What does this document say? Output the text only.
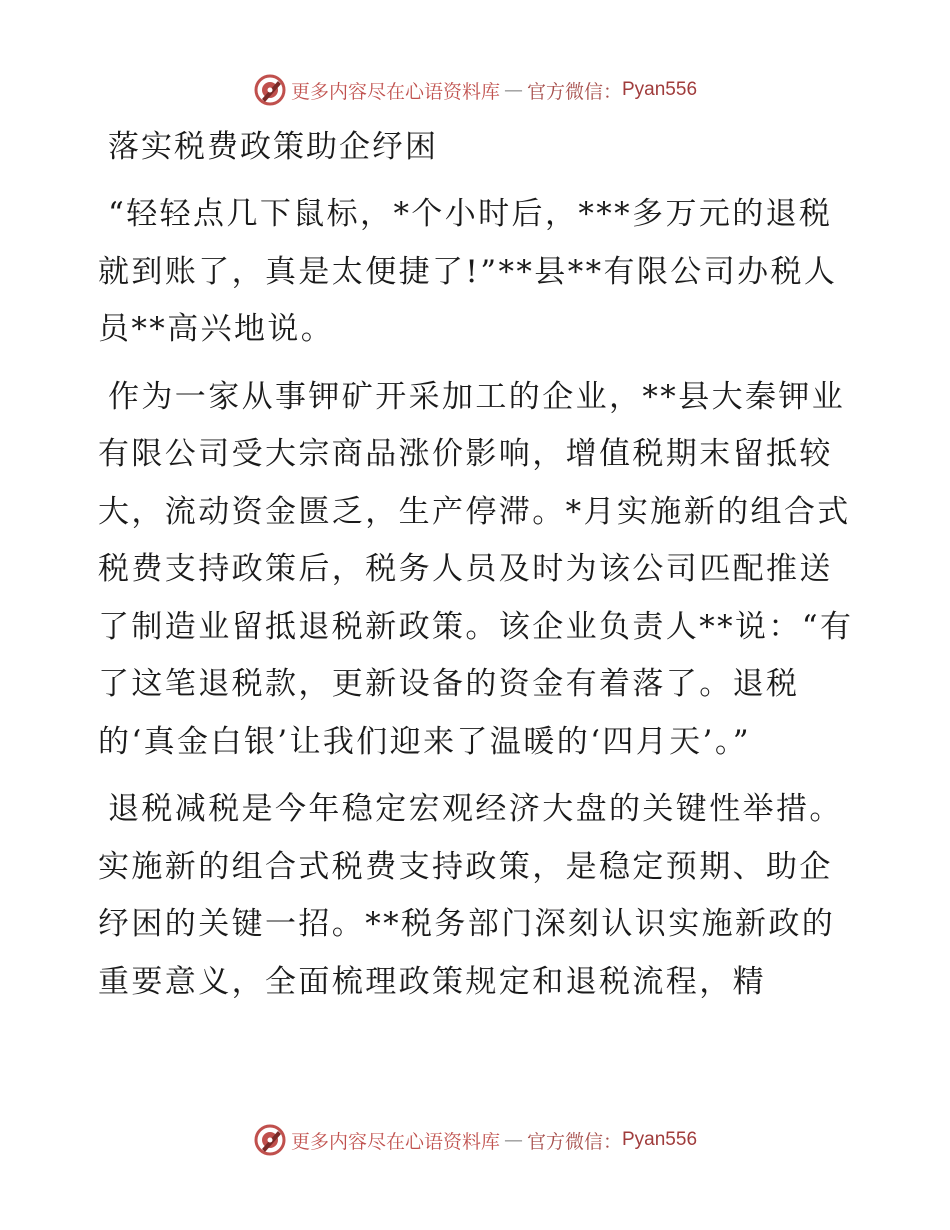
更多内容尽在心语资料库 — 官方微信： Pyan556
落实税费政策助企纾困

“轻轻点几下鼠标，*个小时后，***多万元的退税就到账了，真是太便捷了!”**县**有限公司办税人员**高兴地说。

作为一家从事钾矿开采加工的企业，**县大秦钾业有限公司受大宗商品涨价影响，增值税期末留抵较大，流动资金匮乏，生产停滞。*月实施新的组合式税费支持政策后，税务人员及时为该公司匹配推送了制造业留抵退税新政策。该企业负责人**说：“有了这笔退税款，更新设备的资金有着落了。退税的‘真金白银’让我们迎来了温暖的‘四月天’。”

退税减税是今年稳定宏观经济大盘的关键性举措。实施新的组合式税费支持政策，是稳定预期、助企纾困的关键一招。**税务部门深刻认识实施新政的重要意义，全面梳理政策规定和退税流程，精

更多内容尽在心语资料库 — 官方微信： Pyan556
